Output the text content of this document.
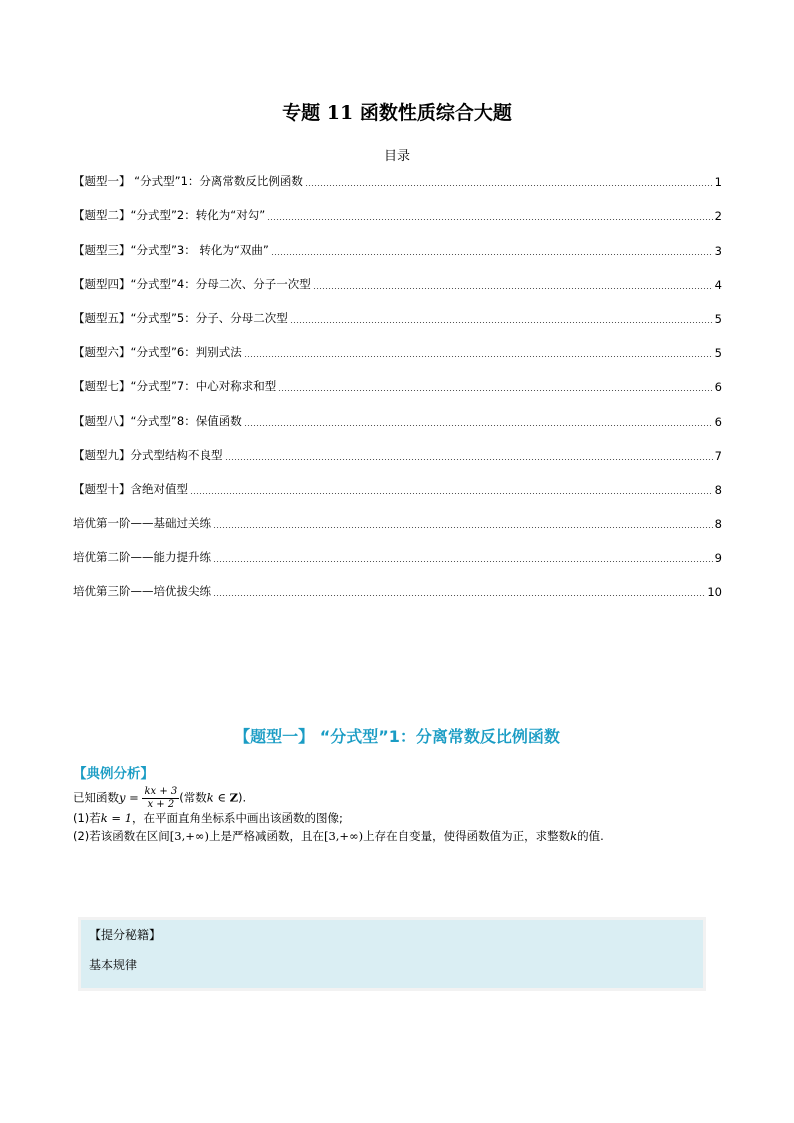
专题 11 函数性质综合大题
目录
【题型一】 “分式型”1：分离常数反比例函数	1
【题型二】“分式型”2：转化为“对勾”	2
【题型三】“分式型”3： 转化为“双曲”	3
【题型四】“分式型”4：分母二次、分子一次型	4
【题型五】“分式型”5：分子、分母二次型	5
【题型六】“分式型”6：判别式法	5
【题型七】“分式型”7：中心对称求和型	6
【题型八】“分式型”8：保值函数	6
【题型九】分式型结构不良型	7
【题型十】含绝对值型	8
培优第一阶——基础过关练	8
培优第二阶——能力提升练	9
培优第三阶——培优拔尖练	10
【题型一】 “分式型”1：分离常数反比例函数
【典例分析】
已知函数$y = \frac{kx + 3}{x + 2}$ (常数k ∈ Z).
(1)若k = 1，在平面直角坐标系中画出该函数的图像;
(2)若该函数在区间[3,+∞)上是严格减函数，且在[3,+∞)上存在自变量，使得函数值为正，求整数k的值.
【提分秘籍】
基本规律
